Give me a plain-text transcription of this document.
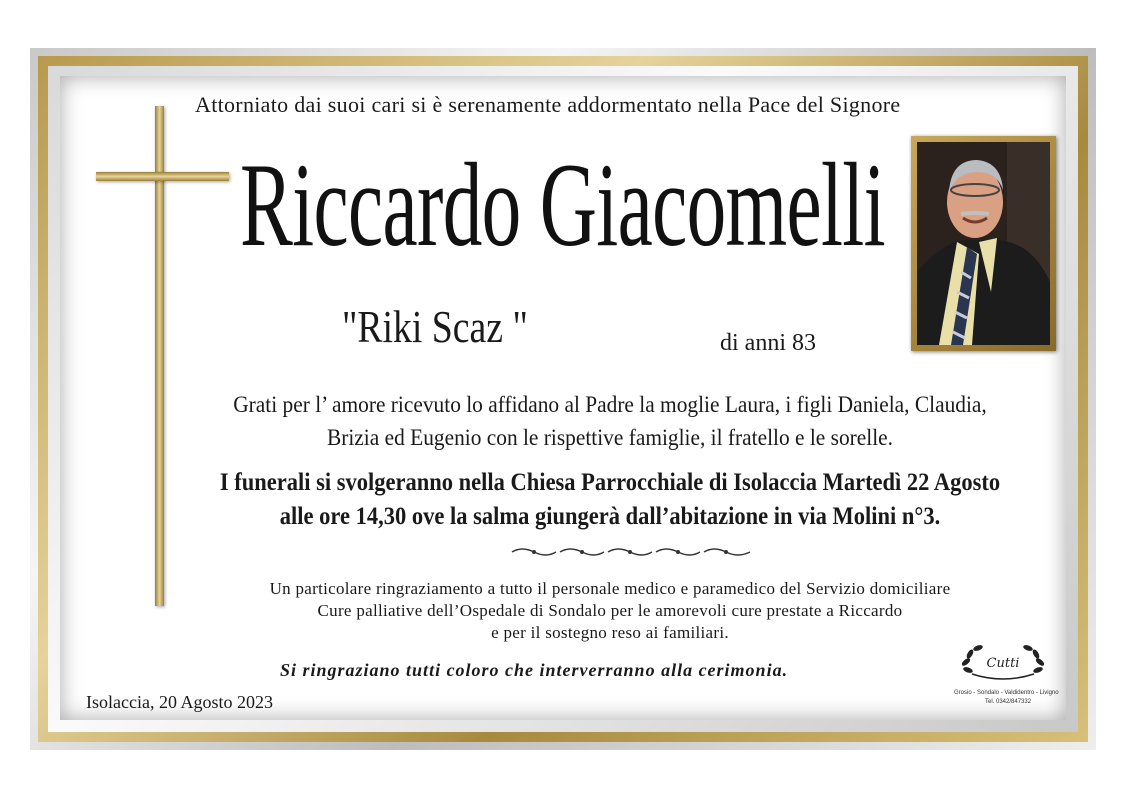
Attorniato dai suoi cari si è serenamente addormentato nella Pace del Signore
Riccardo Giacomelli
"Riki Scaz "	di anni 83
Grati per l’ amore ricevuto lo affidano al Padre la moglie Laura, i figli Daniela, Claudia,
Brizia ed Eugenio con le rispettive famiglie, il fratello e le sorelle.
I funerali si svolgeranno nella Chiesa Parrocchiale di Isolaccia Martedì 22 Agosto
alle ore 14,30 ove la salma giungerà dall’abitazione in via Molini n°3.
Un particolare ringraziamento a tutto il personale medico e paramedico del Servizio domiciliare
Cure palliative dell’Ospedale di Sondalo per le amorevoli cure prestate a Riccardo
e per il sostegno reso ai familiari.
Si ringraziano tutti coloro che interverranno alla cerimonia.
Isolaccia, 20 Agosto 2023
Cutti
Grosio - Sondalo - Valdidentro - Livigno
Tel. 0342/847332
